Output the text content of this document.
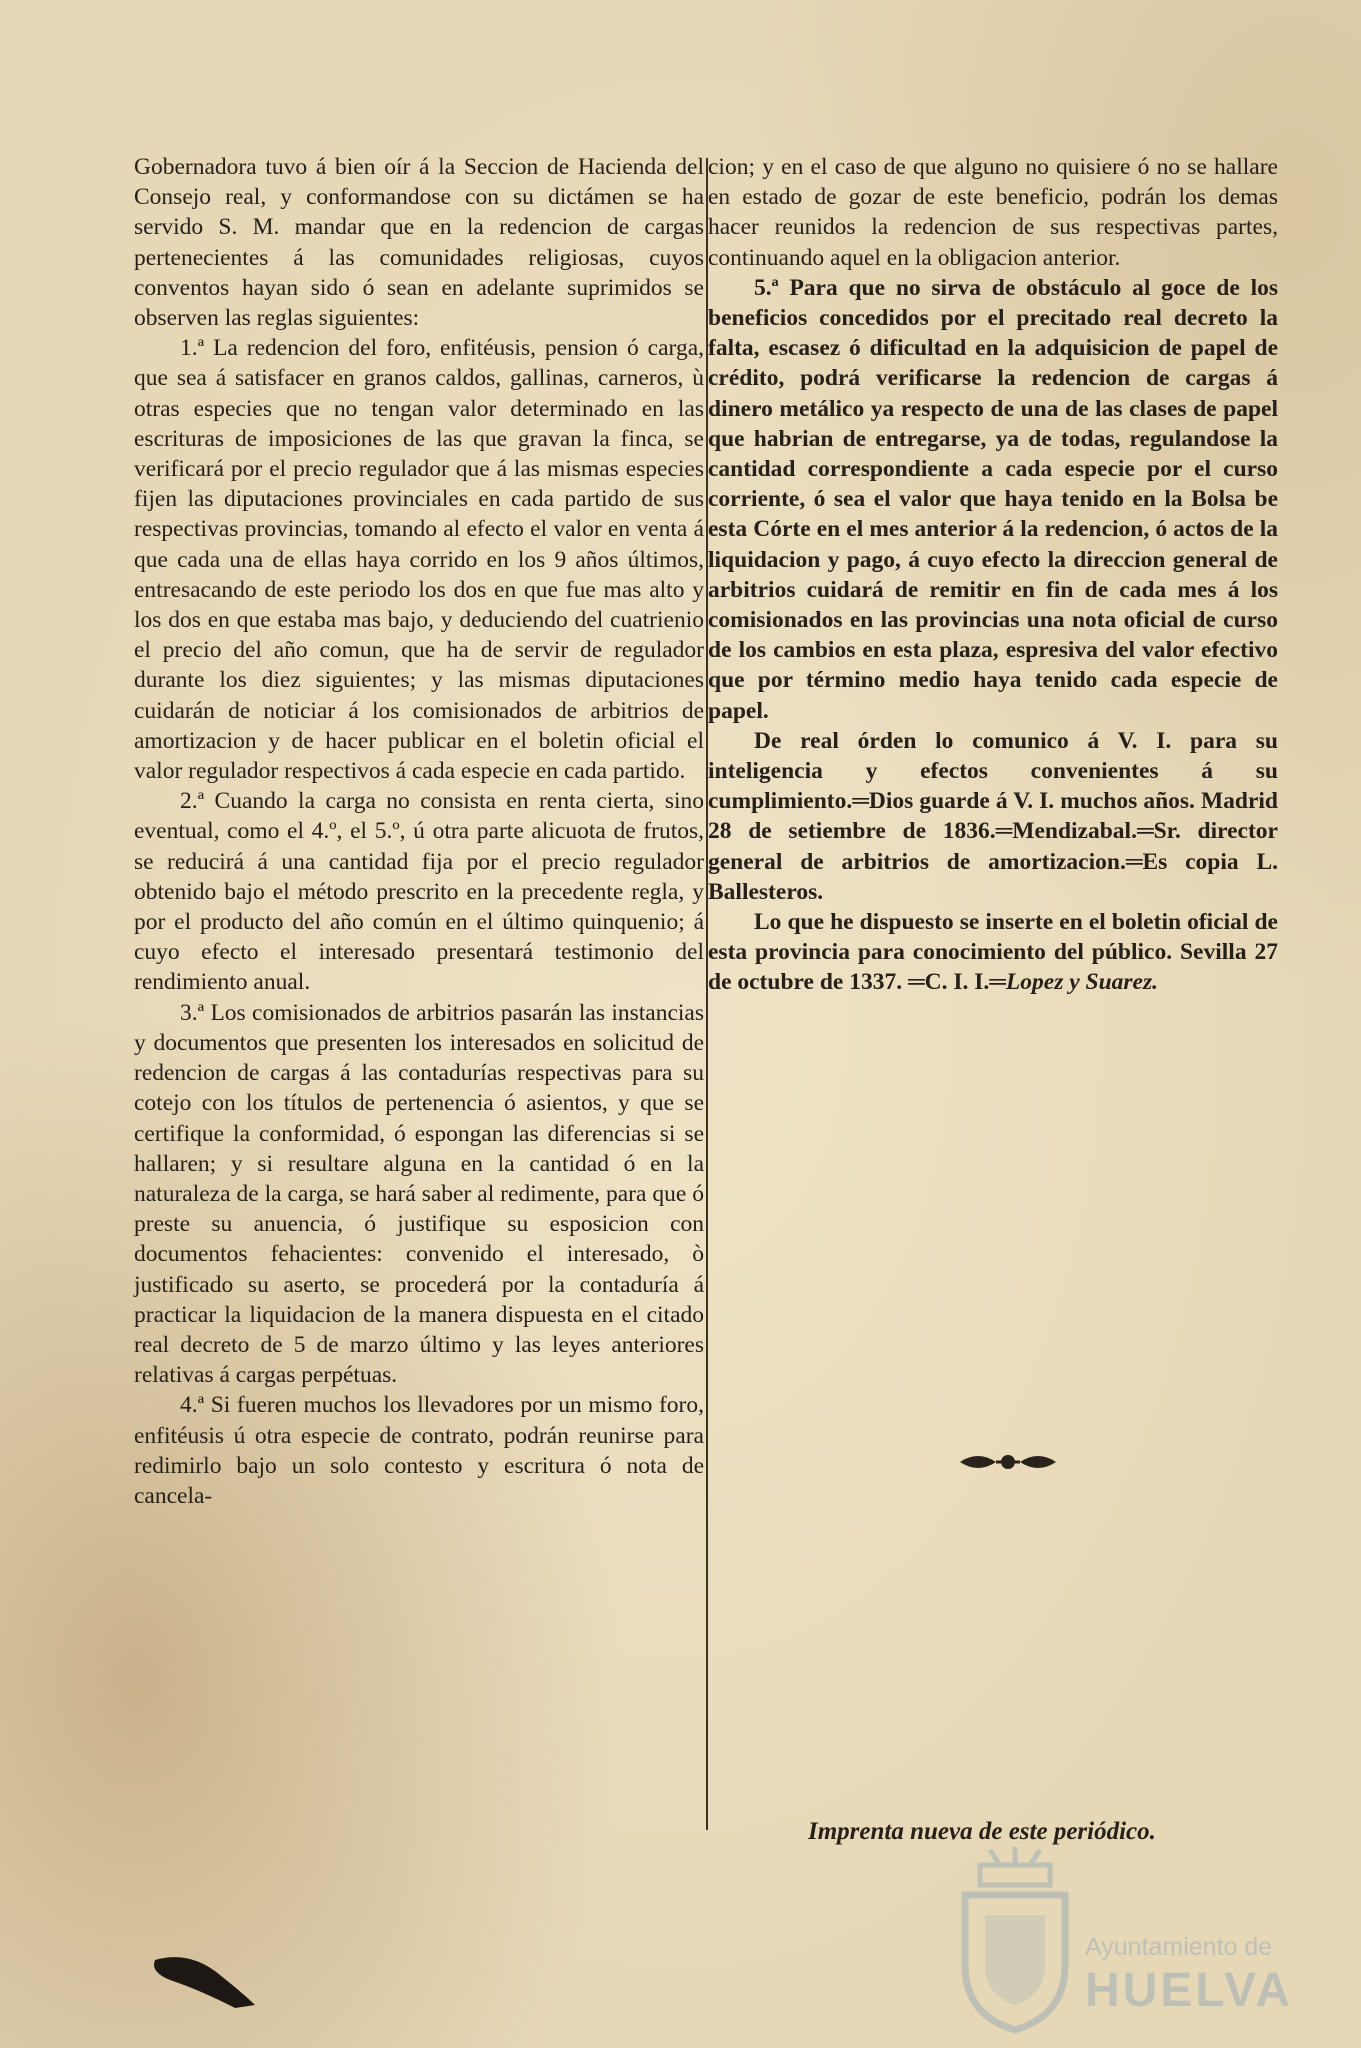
Gobernadora tuvo á bien oír á la Seccion de Hacienda del Consejo real, y conformandose con su dictámen se ha servido S. M. mandar que en la redencion de cargas pertenecientes á las comunidades religiosas, cuyos conventos hayan sido ó sean en adelante suprimidos se observen las reglas siguientes:

1.ª La redencion del foro, enfitéusis, pension ó carga, que sea á satisfacer en granos caldos, gallinas, carneros, ù otras especies que no tengan valor determinado en las escrituras de imposiciones de las que gravan la finca, se verificará por el precio regulador que á las mismas especies fijen las diputaciones provinciales en cada partido de sus respectivas provincias, tomando al efecto el valor en venta á que cada una de ellas haya corrido en los 9 años últimos, entresacando de este periodo los dos en que fue mas alto y los dos en que estaba mas bajo, y deduciendo del cuatrienio el precio del año comun, que ha de servir de regulador durante los diez siguientes; y las mismas diputaciones cuidarán de noticiar á los comisionados de arbitrios de amortizacion y de hacer publicar en el boletin oficial el valor regulador respectivos á cada especie en cada partido.

2.ª Cuando la carga no consista en renta cierta, sino eventual, como el 4.º, el 5.º, ú otra parte alicuota de frutos, se reducirá á una cantidad fija por el precio regulador obtenido bajo el método prescrito en la precedente regla, y por el producto del año común en el último quinquenio; á cuyo efecto el interesado presentará testimonio del rendimiento anual.

3.ª Los comisionados de arbitrios pasarán las instancias y documentos que presenten los interesados en solicitud de redencion de cargas á las contadurías respectivas para su cotejo con los títulos de pertenencia ó asientos, y que se certifique la conformidad, ó espongan las diferencias si se hallaren; y si resultare alguna en la cantidad ó en la naturaleza de la carga, se hará saber al redimente, para que ó preste su anuencia, ó justifique su esposicion con documentos fehacientes: convenido el interesado, ò justificado su aserto, se procederá por la contaduría á practicar la liquidacion de la manera dispuesta en el citado real decreto de 5 de marzo último y las leyes anteriores relativas á cargas perpétuas.

4.ª Si fueren muchos los llevadores por un mismo foro, enfitéusis ú otra especie de contrato, podrán reunirse para redimirlo bajo un solo contesto y escritura ó nota de cancela-

cion; y en el caso de que alguno no quisiere ó no se hallare en estado de gozar de este beneficio, podrán los demas hacer reunidos la redencion de sus respectivas partes, continuando aquel en la obligacion anterior.

5.ª Para que no sirva de obstáculo al goce de los beneficios concedidos por el precitado real decreto la falta, escasez ó dificultad en la adquisicion de papel de crédito, podrá verificarse la redencion de cargas á dinero metálico ya respecto de una de las clases de papel que habrian de entregarse, ya de todas, regulandose la cantidad correspondiente a cada especie por el curso corriente, ó sea el valor que haya tenido en la Bolsa be esta Córte en el mes anterior á la redencion, ó actos de la liquidacion y pago, á cuyo efecto la direccion general de arbitrios cuidará de remitir en fin de cada mes á los comisionados en las provincias una nota oficial de curso de los cambios en esta plaza, espresiva del valor efectivo que por término medio haya tenido cada especie de papel.

De real órden lo comunico á V. I. para su inteligencia y efectos convenientes á su cumplimiento.═Dios guarde á V. I. muchos años. Madrid 28 de setiembre de 1836.═Mendizabal.═Sr. director general de arbitrios de amortizacion.═Es copia L. Ballesteros.

Lo que he dispuesto se inserte en el boletin oficial de esta provincia para conocimiento del público. Sevilla 27 de octubre de 1337. ═C. I. I.═Lopez y Suarez.

Imprenta nueva de este periódico.
Ayuntamiento de
HUELVA
